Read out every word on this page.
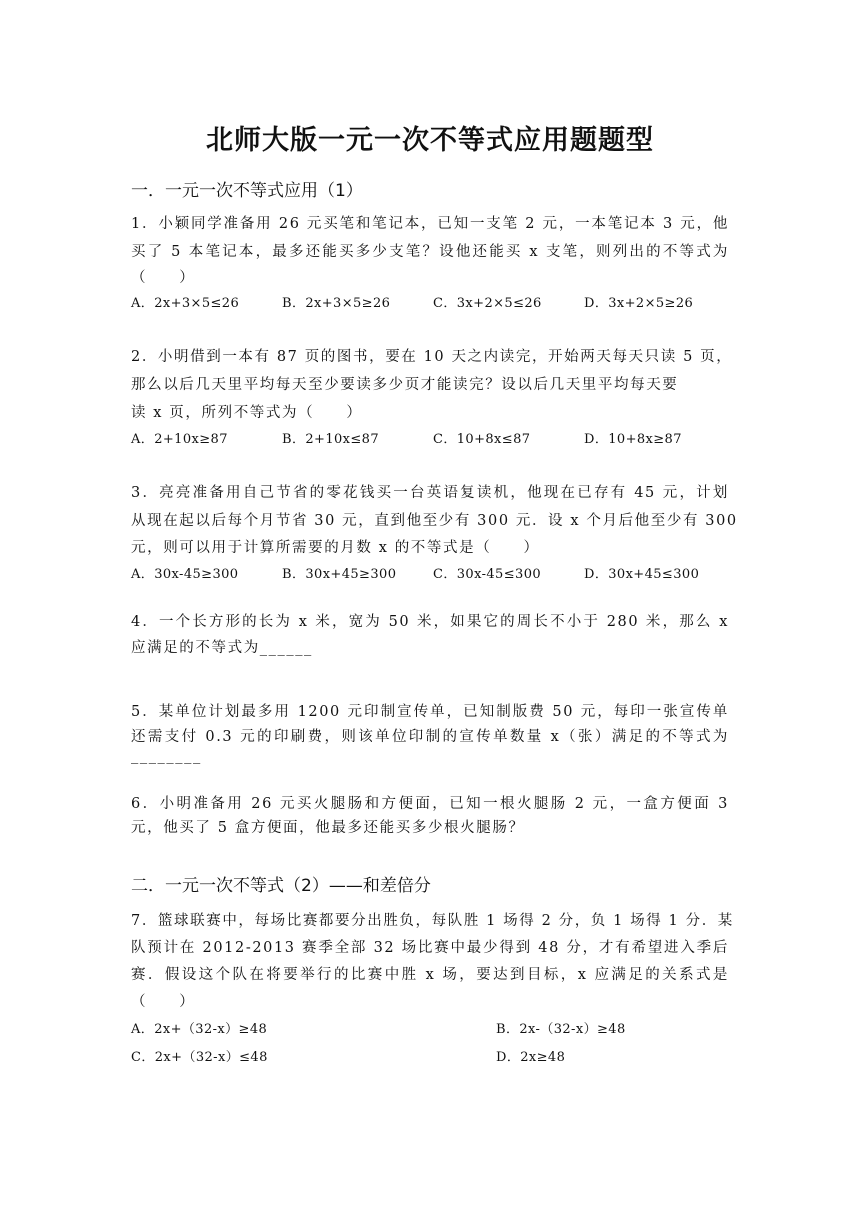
北师大版一元一次不等式应用题题型
一．一元一次不等式应用（1）
1．小颖同学准备用 26 元买笔和笔记本，已知一支笔 2 元，一本笔记本 3 元，他
买了 5 本笔记本，最多还能买多少支笔？设他还能买 x 支笔，则列出的不等式为
（　　）
A．2x+3×5≤26	B．2x+3×5≥26	C．3x+2×5≤26	D．3x+2×5≥26
2．小明借到一本有 87 页的图书，要在 10 天之内读完，开始两天每天只读 5 页，
那么以后几天里平均每天至少要读多少页才能读完？设以后几天里平均每天要
读 x 页，所列不等式为（　　）
A．2+10x≥87	B．2+10x≤87	C．10+8x≤87	D．10+8x≥87
3．亮亮准备用自己节省的零花钱买一台英语复读机，他现在已存有 45 元，计划
从现在起以后每个月节省 30 元，直到他至少有 300 元．设 x 个月后他至少有 300
元，则可以用于计算所需要的月数 x 的不等式是（　　）
A．30x-45≥300	B．30x+45≥300	C．30x-45≤300	D．30x+45≤300
4．一个长方形的长为 x 米，宽为 50 米，如果它的周长不小于 280 米，那么 x
应满足的不等式为______
5．某单位计划最多用 1200 元印制宣传单，已知制版费 50 元，每印一张宣传单
还需支付 0.3 元的印刷费，则该单位印制的宣传单数量 x（张）满足的不等式为
________
6．小明准备用 26 元买火腿肠和方便面，已知一根火腿肠 2 元，一盒方便面 3
元，他买了 5 盒方便面，他最多还能买多少根火腿肠？
二．一元一次不等式（2）——和差倍分
7．篮球联赛中，每场比赛都要分出胜负，每队胜 1 场得 2 分，负 1 场得 1 分．某
队预计在 2012-2013 赛季全部 32 场比赛中最少得到 48 分，才有希望进入季后
赛．假设这个队在将要举行的比赛中胜 x 场，要达到目标，x 应满足的关系式是
（　　）
A．2x+（32-x）≥48	B．2x-（32-x）≥48
C．2x+（32-x）≤48	D．2x≥48
